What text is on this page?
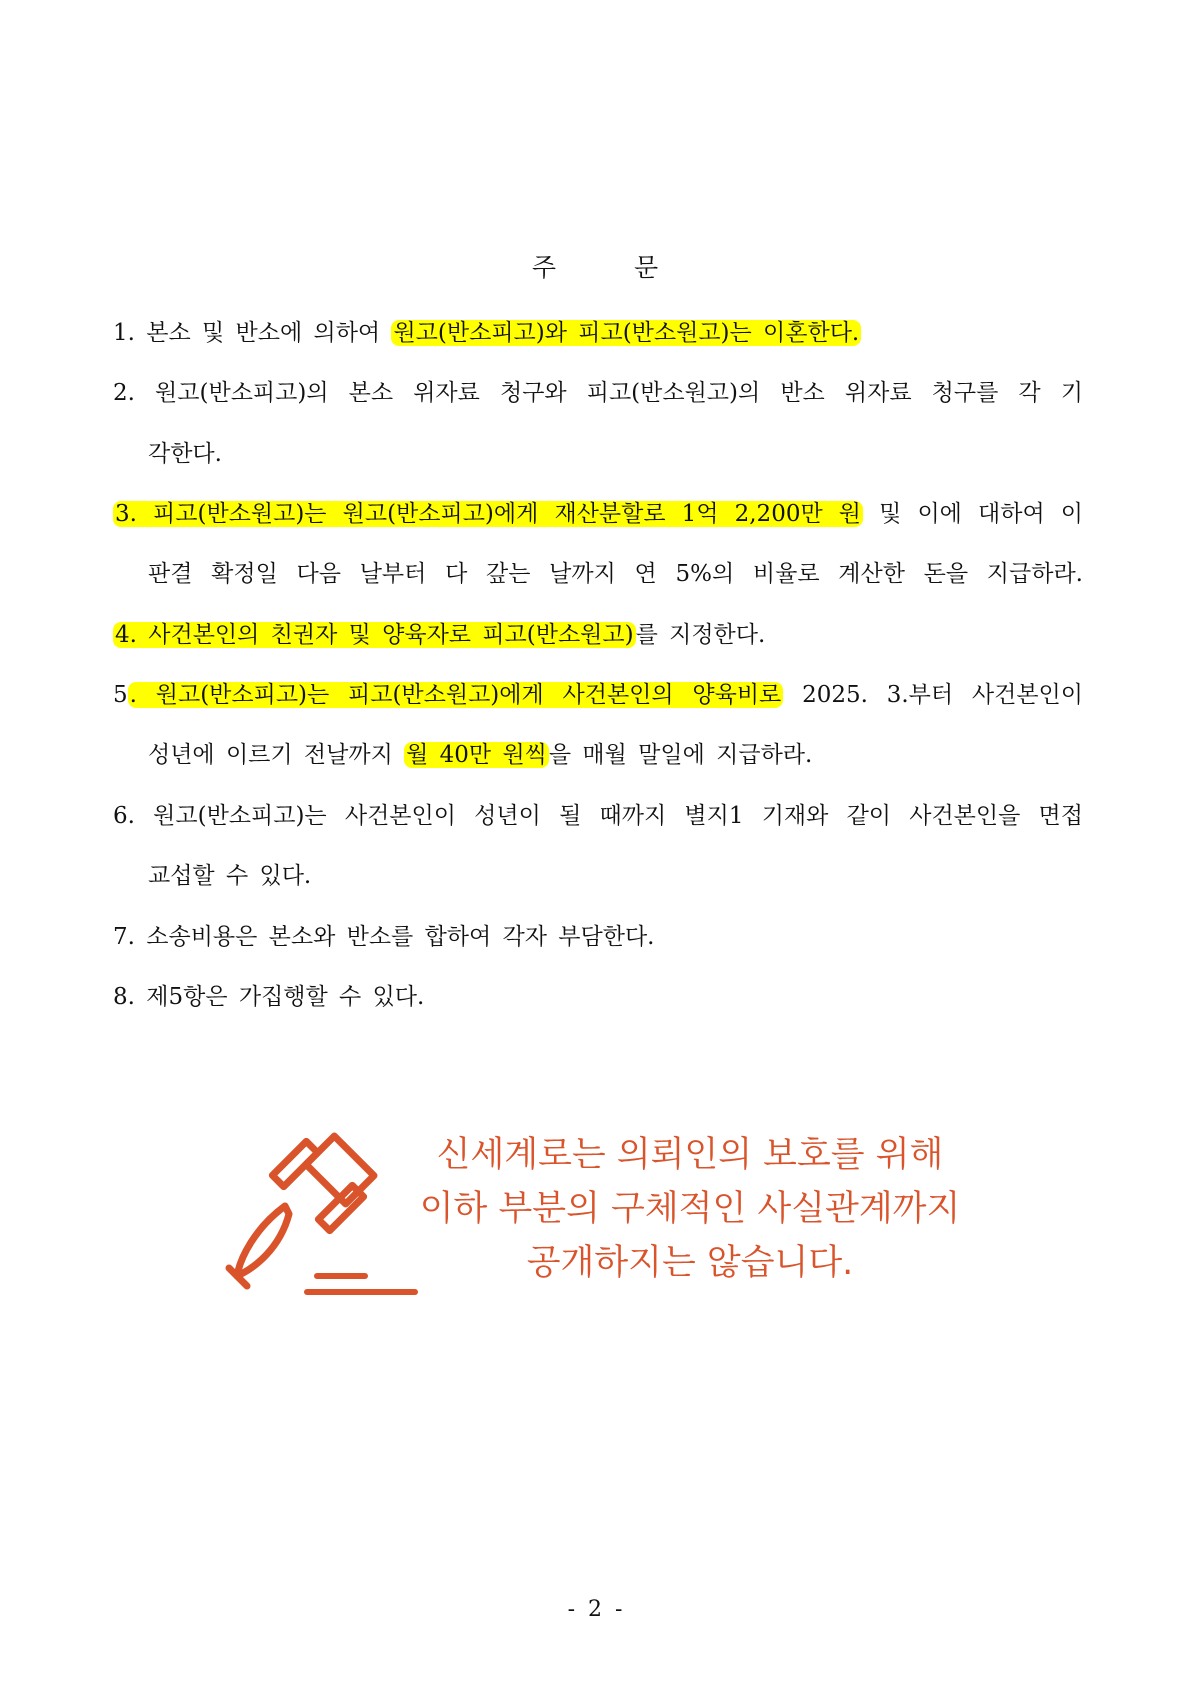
주 문
1. 본소 및 반소에 의하여 원고(반소피고)와 피고(반소원고)는 이혼한다.
2. 원고(반소피고)의 본소 위자료 청구와 피고(반소원고)의 반소 위자료 청구를 각 기
각한다.
3. 피고(반소원고)는 원고(반소피고)에게 재산분할로 1억 2,200만 원 및 이에 대하여 이
판결 확정일 다음 날부터 다 갚는 날까지 연 5%의 비율로 계산한 돈을 지급하라.
4. 사건본인의 친권자 및 양육자로 피고(반소원고)를 지정한다.
5. 원고(반소피고)는 피고(반소원고)에게 사건본인의 양육비로 2025. 3.부터 사건본인이
성년에 이르기 전날까지 월 40만 원씩을 매월 말일에 지급하라.
6. 원고(반소피고)는 사건본인이 성년이 될 때까지 별지1 기재와 같이 사건본인을 면접
교섭할 수 있다.
7. 소송비용은 본소와 반소를 합하여 각자 부담한다.
8. 제5항은 가집행할 수 있다.
신세계로는 의뢰인의 보호를 위해
이하 부분의 구체적인 사실관계까지
공개하지는 않습니다.
- 2 -
